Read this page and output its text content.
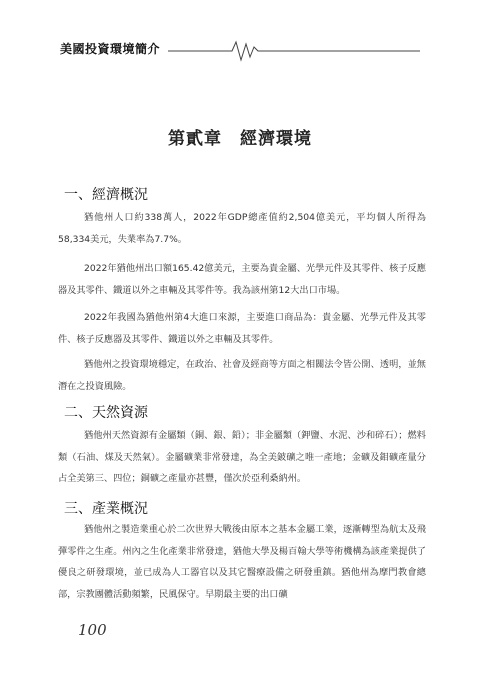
美國投資環境簡介
第貳章　經濟環境
一、經濟概況

猶他州人口約338萬人，2022年GDP總產值約2,504億美元，平均個人所得為58,334美元，失業率為7.7%。

2022年猶他州出口額165.42億美元，主要為貴金屬、光學元件及其零件、核子反應器及其零件、鐵道以外之車輛及其零件等。我為該州第12大出口市場。

2022年我國為猶他州第4大進口來源，主要進口商品為：貴金屬、光學元件及其零件、核子反應器及其零件、鐵道以外之車輛及其零件。

猶他州之投資環境穩定，在政治、社會及經商等方面之相關法令皆公開、透明，並無潛在之投資風險。

二、天然資源

猶他州天然資源有金屬類（銅、銀、鉛）；非金屬類（鉀鹽、水泥、沙和碎石）；燃料類（石油、煤及天然氣）。金屬礦業非常發達，為全美鈹礦之唯一產地；金礦及鉬礦產量分占全美第三、四位；銅礦之產量亦甚豐，僅次於亞利桑納州。

三、產業概況

猶他州之製造業重心於二次世界大戰後由原本之基本金屬工業，逐漸轉型為航太及飛彈零件之生產。州內之生化產業非常發達，猶他大學及楊百翰大學等術機構為該產業提供了優良之研發環境，並已成為人工器官以及其它醫療設備之研發重鎮。猶他州為摩門教會總部，宗教團體活動頻繁，民風保守。早期最主要的出口礦

100
